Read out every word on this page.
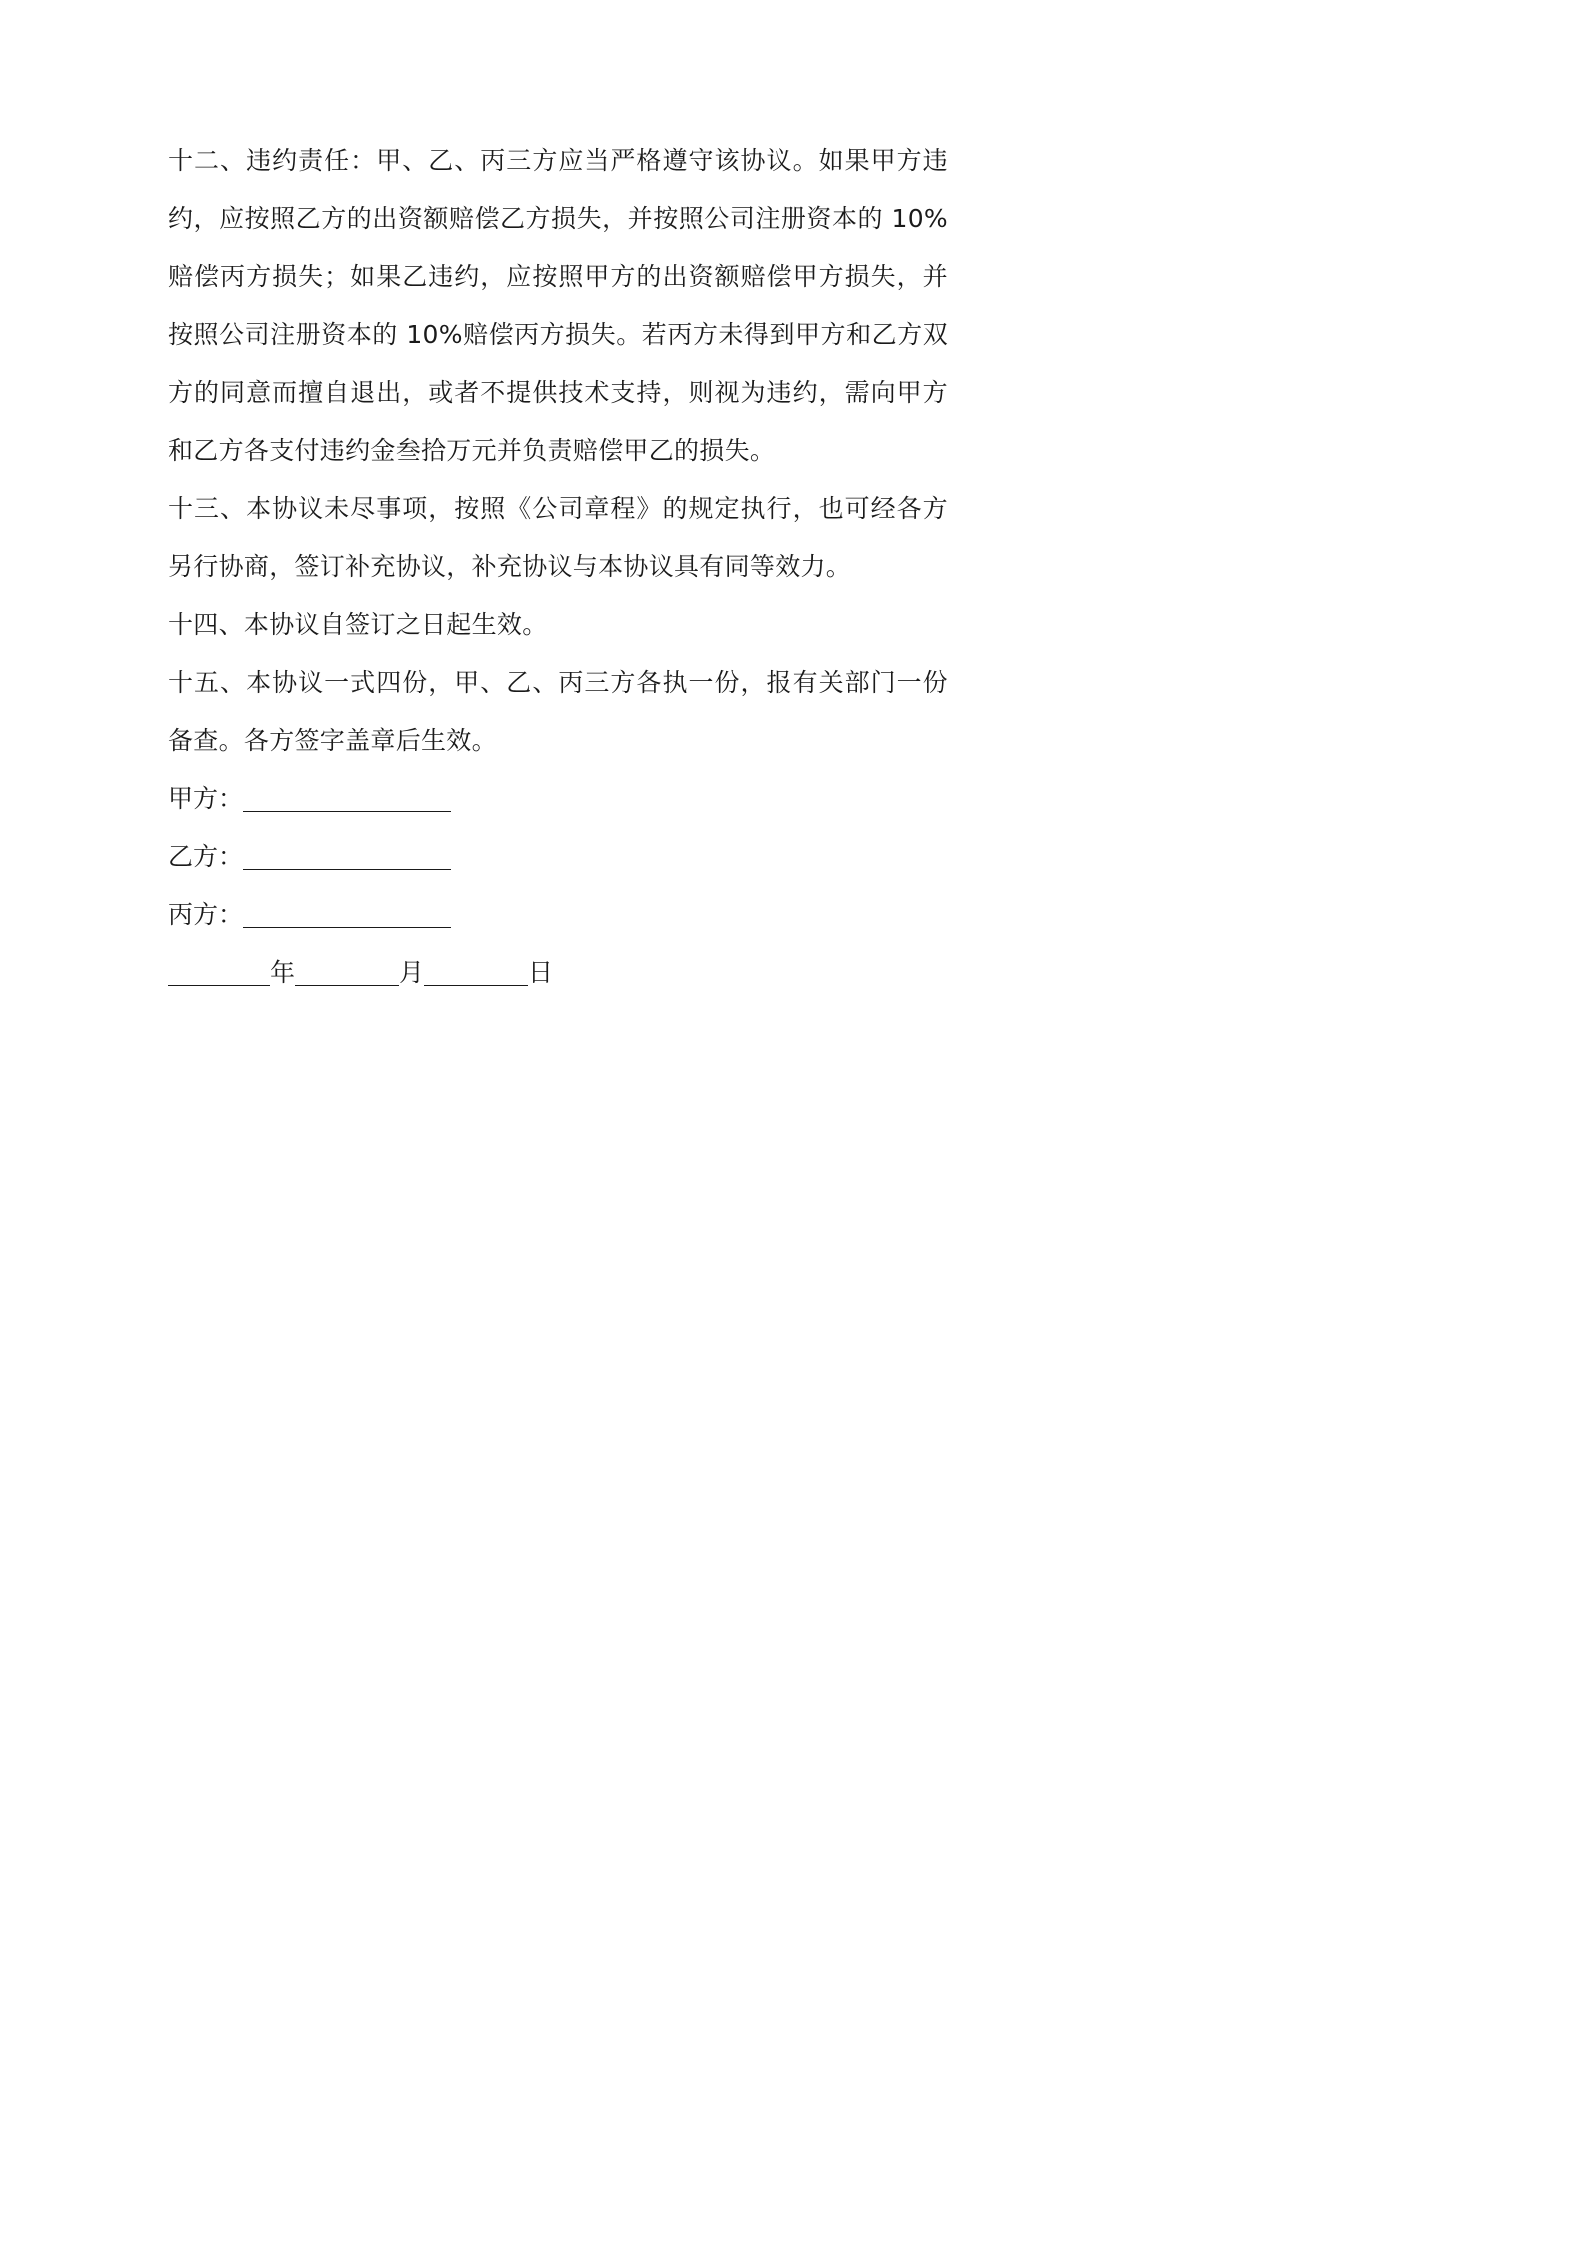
十二、违约责任：甲、乙、丙三方应当严格遵守该协议。如果甲方违约，应按照乙方的出资额赔偿乙方损失，并按照公司注册资本的 10%赔偿丙方损失；如果乙违约，应按照甲方的出资额赔偿甲方损失，并按照公司注册资本的 10%赔偿丙方损失。若丙方未得到甲方和乙方双方的同意而擅自退出，或者不提供技术支持，则视为违约，需向甲方和乙方各支付违约金叁拾万元并负责赔偿甲乙的损失。

十三、本协议未尽事项，按照《公司章程》的规定执行，也可经各方另行协商，签订补充协议，补充协议与本协议具有同等效力。

十四、本协议自签订之日起生效。

十五、本协议一式四份，甲、乙、丙三方各执一份，报有关部门一份备查。各方签字盖章后生效。

甲方：
乙方：
丙方：
年	月	日
